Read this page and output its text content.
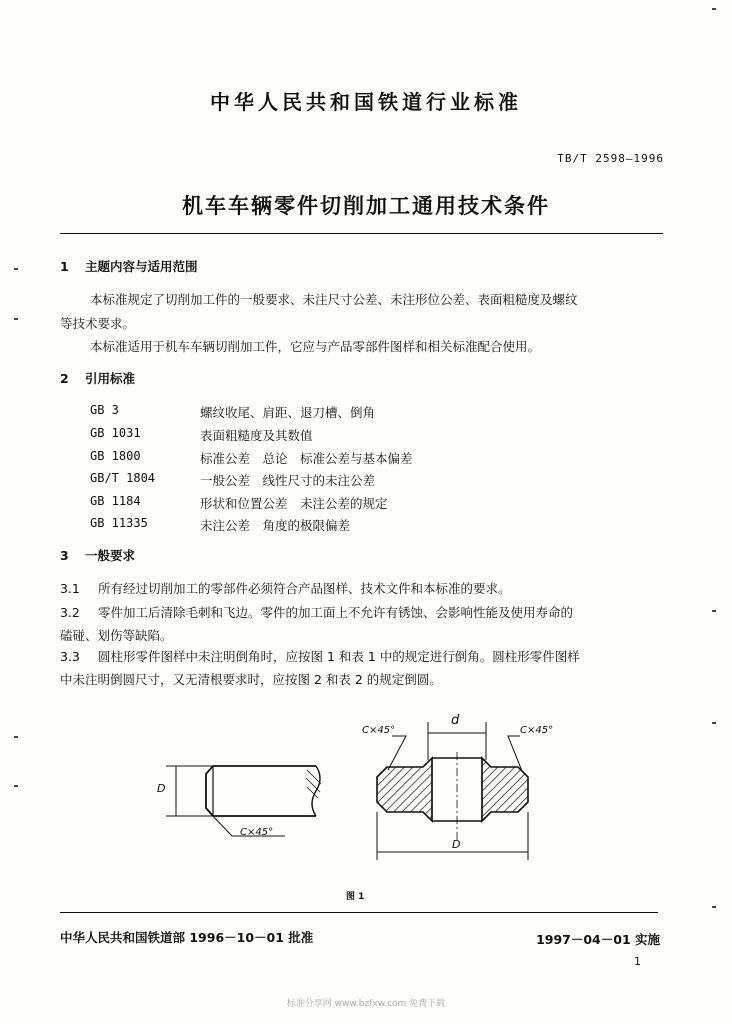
中华人民共和国铁道行业标准
TB/T 2598—1996
机车车辆零件切削加工通用技术条件
1 主题内容与适用范围
本标准规定了切削加工件的一般要求、未注尺寸公差、未注形位公差、表面粗糙度及螺纹
等技术要求。
本标准适用于机车车辆切削加工件，它应与产品零部件图样和相关标准配合使用。
2 引用标准
GB 3	螺纹收尾、肩距、退刀槽、倒角
GB 1031	表面粗糙度及其数值
GB 1800	标准公差　总论　标准公差与基本偏差
GB/T 1804	一般公差　线性尺寸的未注公差
GB 1184	形状和位置公差　未注公差的规定
GB 11335	未注公差　角度的极限偏差
3 一般要求
3.1 所有经过切削加工的零部件必须符合产品图样、技术文件和本标准的要求。
3.2 零件加工后清除毛刺和飞边。零件的加工面上不允许有锈蚀、会影响性能及使用寿命的
磕碰、划伤等缺陷。
3.3 圆柱形零件图样中未注明倒角时，应按图 1 和表 1 中的规定进行倒角。圆柱形零件图样
中未注明倒圆尺寸，又无清根要求时，应按图 2 和表 2 的规定倒圆。
D
C×45°
C×45°	C×45°
d
D
图 1
中华人民共和国铁道部 1996－10－01 批准	1997－04－01 实施
1
标准分享网 www.bzfxw.com 免费下载
